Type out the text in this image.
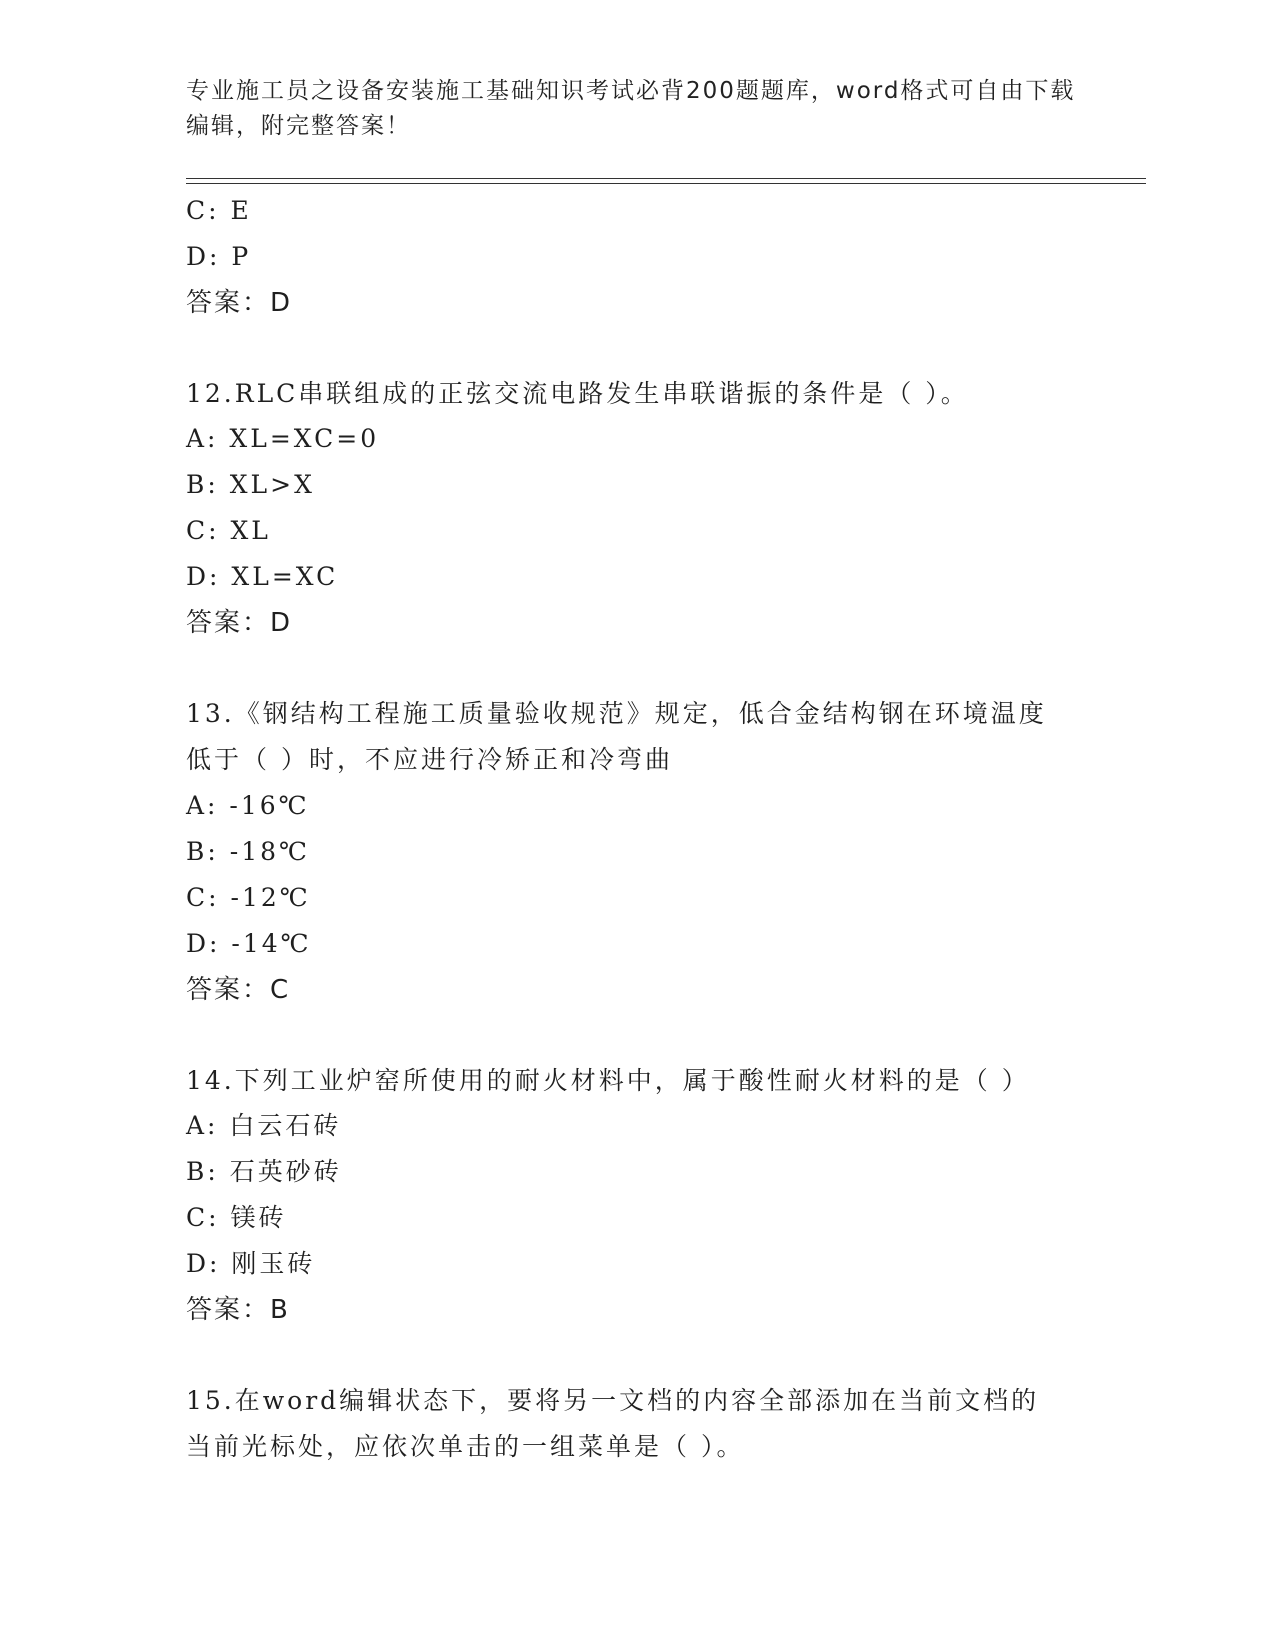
专业施工员之设备安装施工基础知识考试必背200题题库，word格式可自由下载编辑，附完整答案！
C: E
D: P
答案：D
12.RLC串联组成的正弦交流电路发生串联谐振的条件是（ ）。
A: XL=XC=0
B: XL>X
C: XL
D: XL=XC
答案：D
13.《钢结构工程施工质量验收规范》规定，低合金结构钢在环境温度
低于（ ）时，不应进行冷矫正和冷弯曲
A: -16℃
B: -18℃
C: -12℃
D: -14℃
答案：C
14.下列工业炉窑所使用的耐火材料中，属于酸性耐火材料的是（ ）
A: 白云石砖
B: 石英砂砖
C: 镁砖
D: 刚玉砖
答案：B
15.在word编辑状态下，要将另一文档的内容全部添加在当前文档的
当前光标处，应依次单击的一组菜单是（ ）。
